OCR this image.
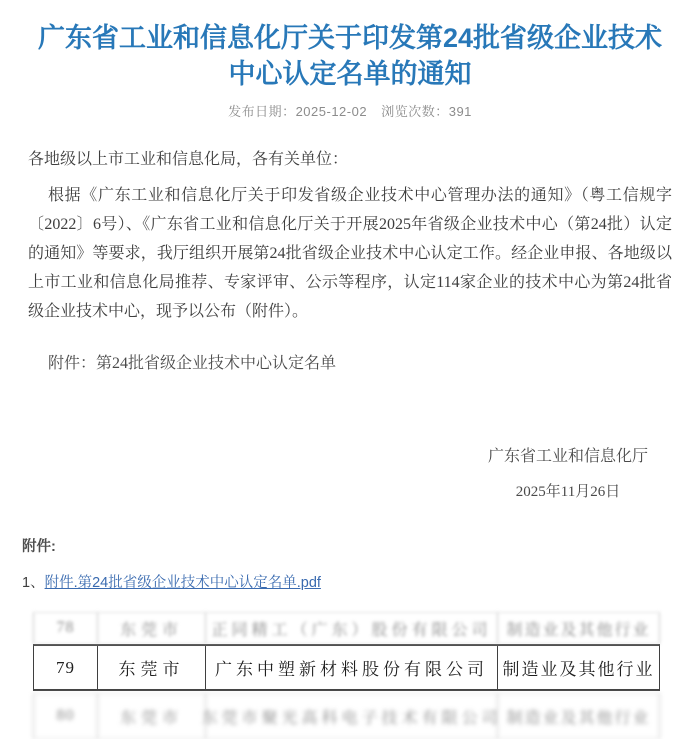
广东省工业和信息化厅关于印发第24批省级企业技术中心认定名单的通知
发布日期：2025-12-02 浏览次数：391

各地级以上市工业和信息化局，各有关单位：

根据《广东工业和信息化厅关于印发省级企业技术中心管理办法的通知》（粤工信规字〔2022〕6号）、《广东省工业和信息化厅关于开展2025年省级企业技术中心（第24批）认定的通知》等要求，我厅组织开展第24批省级企业技术中心认定工作。经企业申报、各地级以上市工业和信息化局推荐、专家评审、公示等程序，认定114家企业的技术中心为第24批省级企业技术中心，现予以公布（附件）。

附件：第24批省级企业技术中心认定名单

广东省工业和信息化厅
2025年11月26日
附件:
1、附件.第24批省级企业技术中心认定名单.pdf
78	东莞市	正同精工（广东）股份有限公司 制造业及其他行业
79	东莞市	广东中塑新材料股份有限公司 制造业及其他行业
80	东莞市	东莞市聚光高科电子技术有限公司 制造业及其他行业
